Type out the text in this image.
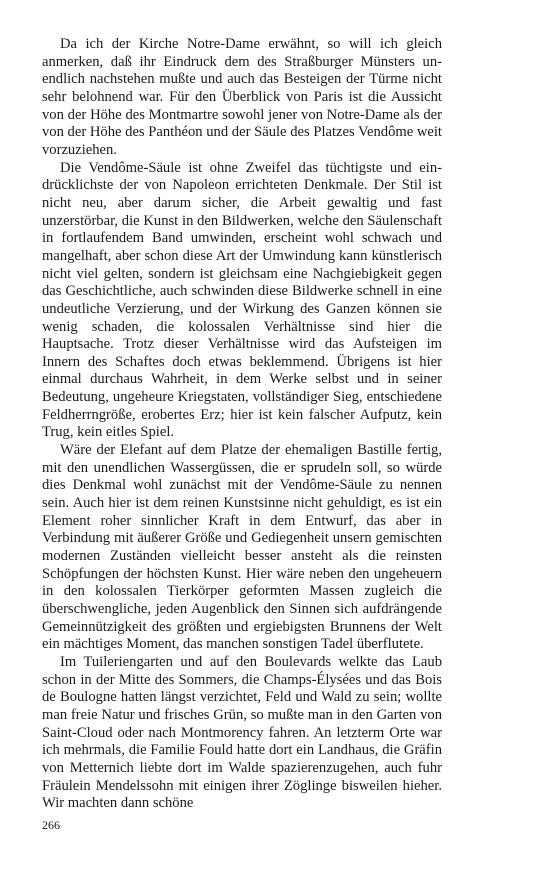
Da ich der Kirche Notre-Dame erwähnt, so will ich gleich anmerken, daß ihr Eindruck dem des Straßburger Münsters unendlich nachstehen mußte und auch das Besteigen der Türme nicht sehr belohnend war. Für den Überblick von Paris ist die Aussicht von der Höhe des Montmartre sowohl jener von Notre-Dame als der von der Höhe des Panthéon und der Säule des Platzes Vendôme weit vorzuziehen.

Die Vendôme-Säule ist ohne Zweifel das tüchtigste und eindrücklichste der von Napoleon errichteten Denkmale. Der Stil ist nicht neu, aber darum sicher, die Arbeit gewaltig und fast unzerstörbar, die Kunst in den Bildwerken, welche den Säulenschaft in fortlaufendem Band umwinden, erscheint wohl schwach und mangelhaft, aber schon diese Art der Umwindung kann künstlerisch nicht viel gelten, sondern ist gleichsam eine Nachgiebigkeit gegen das Geschichtliche, auch schwinden diese Bildwerke schnell in eine undeutliche Verzierung, und der Wirkung des Ganzen können sie wenig schaden, die kolossalen Verhältnisse sind hier die Hauptsache. Trotz dieser Verhältnisse wird das Aufsteigen im Innern des Schaftes doch etwas beklemmend. Übrigens ist hier einmal durchaus Wahrheit, in dem Werke selbst und in seiner Bedeutung, ungeheure Kriegstaten, vollständiger Sieg, entschiedene Feldherrngröße, erobertes Erz; hier ist kein falscher Aufputz, kein Trug, kein eitles Spiel.

Wäre der Elefant auf dem Platze der ehemaligen Bastille fertig, mit den unendlichen Wassergüssen, die er sprudeln soll, so würde dies Denkmal wohl zunächst mit der Vendôme-Säule zu nennen sein. Auch hier ist dem reinen Kunstsinne nicht gehuldigt, es ist ein Element roher sinnlicher Kraft in dem Entwurf, das aber in Verbindung mit äußerer Größe und Gediegenheit unsern gemischten modernen Zuständen vielleicht besser ansteht als die reinsten Schöpfungen der höchsten Kunst. Hier wäre neben den ungeheuern in den kolossalen Tierkörper geformten Massen zugleich die überschwengliche, jeden Augenblick den Sinnen sich aufdrängende Gemeinnützigkeit des größten und ergiebigsten Brunnens der Welt ein mächtiges Moment, das manchen sonstigen Tadel überflutete.

Im Tuileriengarten und auf den Boulevards welkte das Laub schon in der Mitte des Sommers, die Champs-Élysées und das Bois de Boulogne hatten längst verzichtet, Feld und Wald zu sein; wollte man freie Natur und frisches Grün, so mußte man in den Garten von Saint-Cloud oder nach Montmorency fahren. An letzterm Orte war ich mehrmals, die Familie Fould hatte dort ein Landhaus, die Gräfin von Metternich liebte dort im Walde spazierenzugehen, auch fuhr Fräulein Mendelssohn mit einigen ihrer Zöglinge bisweilen hieher. Wir machten dann schöne

266
